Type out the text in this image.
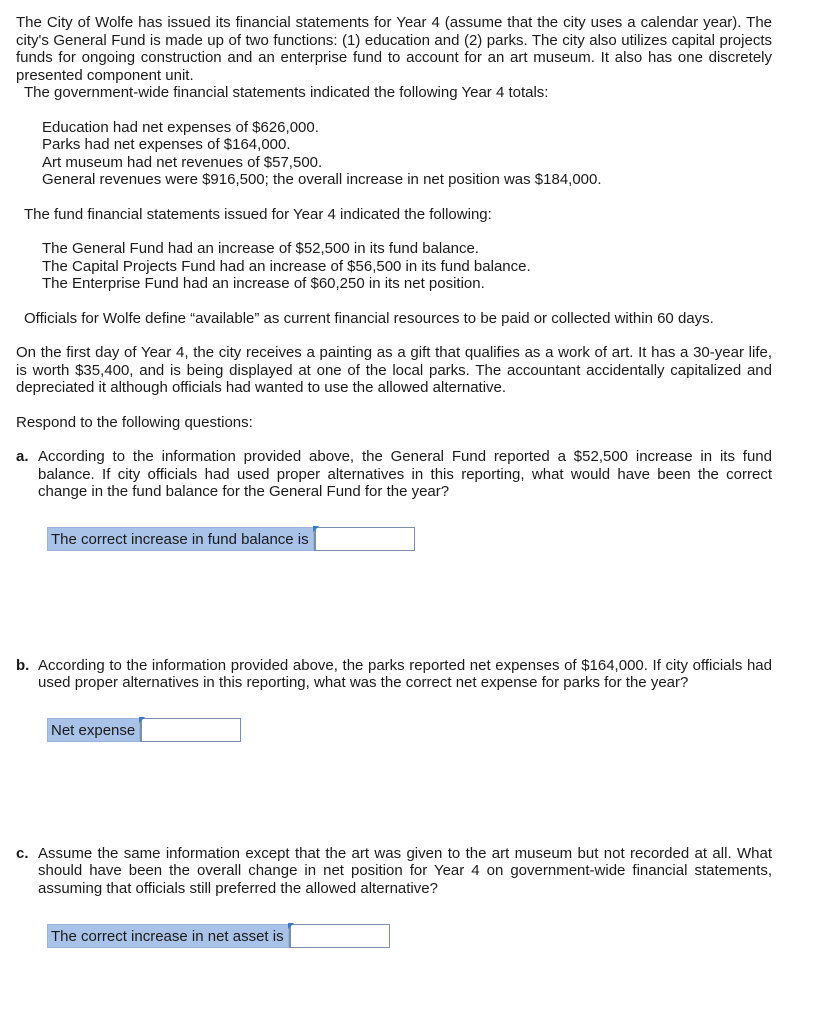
The City of Wolfe has issued its financial statements for Year 4 (assume that the city uses a calendar year). The city's General Fund is made up of two functions: (1) education and (2) parks. The city also utilizes capital projects funds for ongoing construction and an enterprise fund to account for an art museum. It also has one discretely presented component unit.
The government-wide financial statements indicated the following Year 4 totals:
Education had net expenses of $626,000.
Parks had net expenses of $164,000.
Art museum had net revenues of $57,500.
General revenues were $916,500; the overall increase in net position was $184,000.
The fund financial statements issued for Year 4 indicated the following:
The General Fund had an increase of $52,500 in its fund balance.
The Capital Projects Fund had an increase of $56,500 in its fund balance.
The Enterprise Fund had an increase of $60,250 in its net position.
Officials for Wolfe define “available” as current financial resources to be paid or collected within 60 days.
On the first day of Year 4, the city receives a painting as a gift that qualifies as a work of art. It has a 30-year life, is worth $35,400, and is being displayed at one of the local parks. The accountant accidentally capitalized and depreciated it although officials had wanted to use the allowed alternative.
Respond to the following questions:
a. According to the information provided above, the General Fund reported a $52,500 increase in its fund balance. If city officials had used proper alternatives in this reporting, what would have been the correct change in the fund balance for the General Fund for the year?
The correct increase in fund balance is
b. According to the information provided above, the parks reported net expenses of $164,000. If city officials had used proper alternatives in this reporting, what was the correct net expense for parks for the year?
Net expense
c. Assume the same information except that the art was given to the art museum but not recorded at all. What should have been the overall change in net position for Year 4 on government-wide financial statements, assuming that officials still preferred the allowed alternative?
The correct increase in net asset is
